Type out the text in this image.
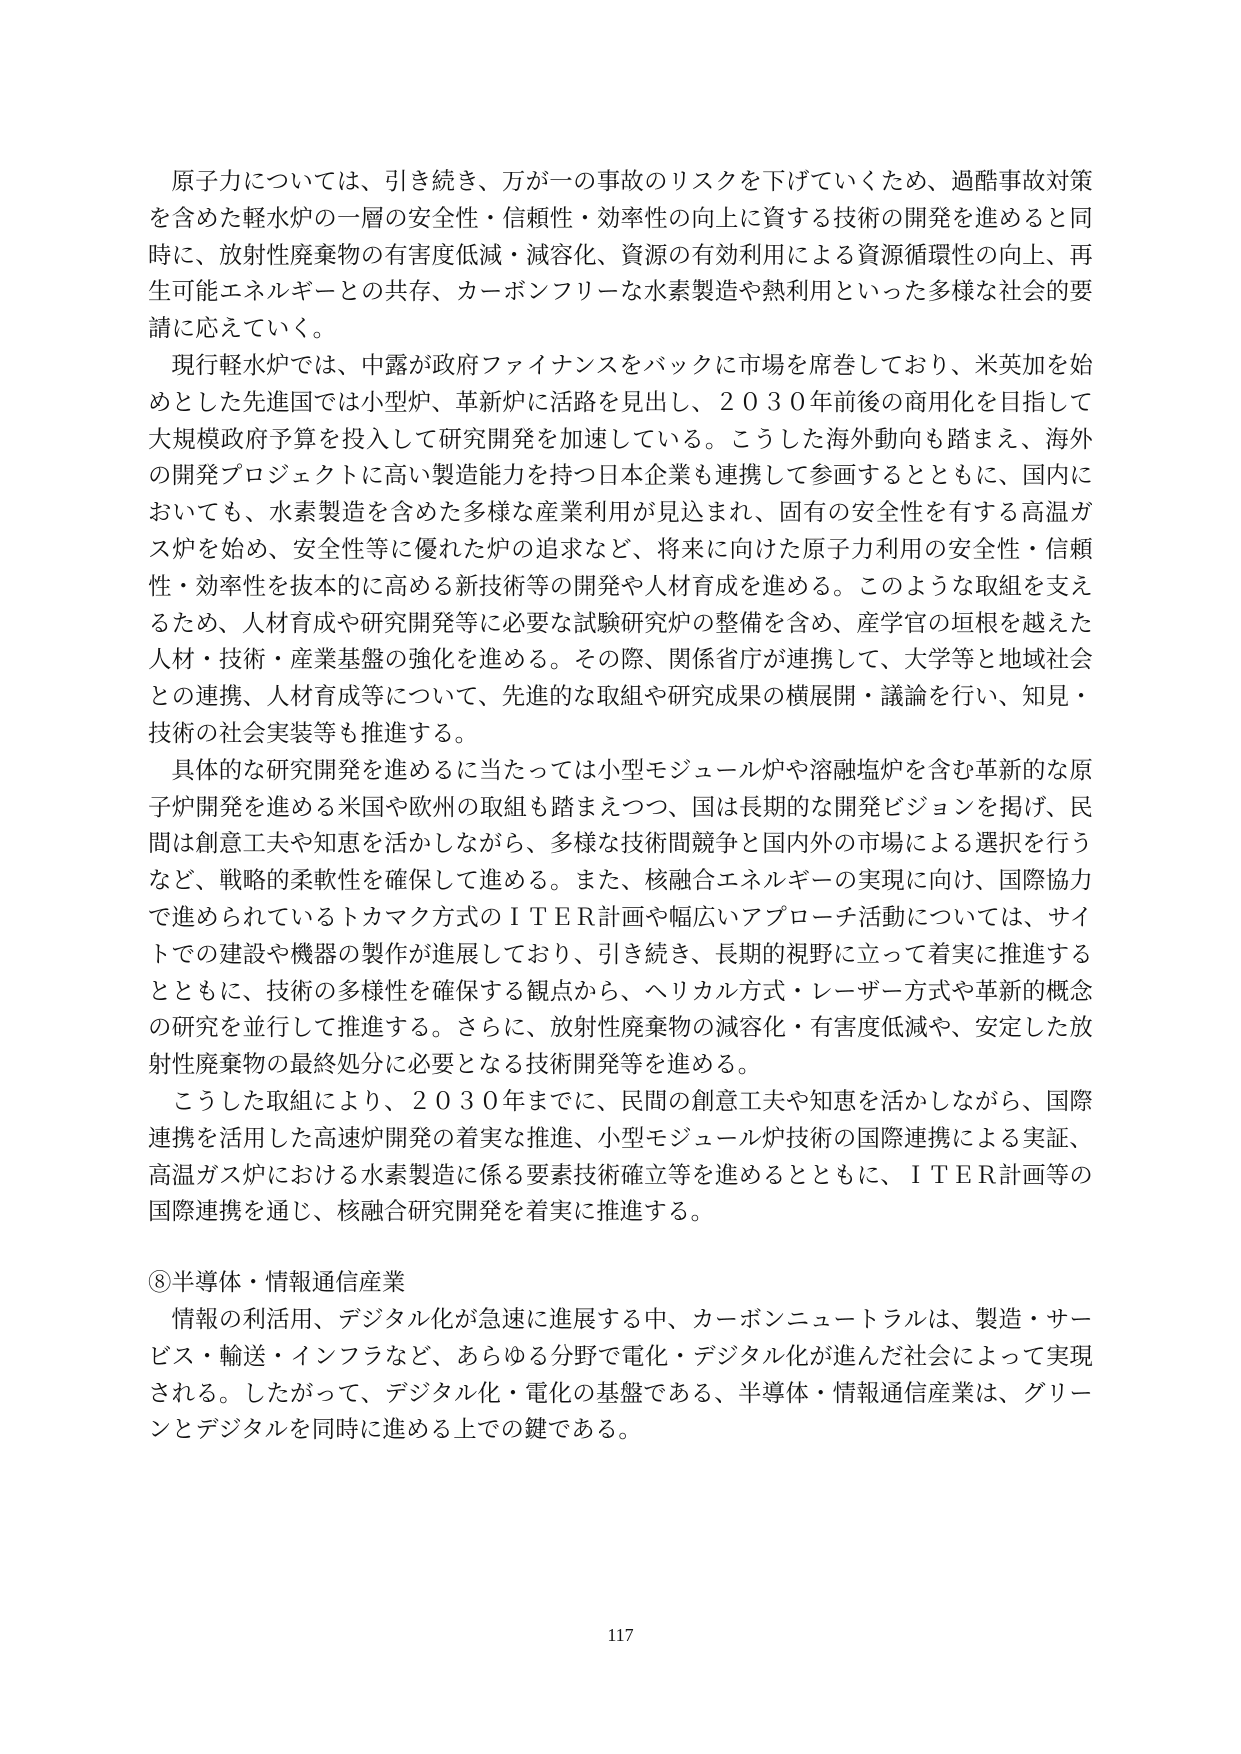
原子力については、引き続き、万が一の事故のリスクを下げていくため、過酷事故対策を含めた軽水炉の一層の安全性・信頼性・効率性の向上に資する技術の開発を進めると同時に、放射性廃棄物の有害度低減・減容化、資源の有効利用による資源循環性の向上、再生可能エネルギーとの共存、カーボンフリーな水素製造や熱利用といった多様な社会的要請に応えていく。

現行軽水炉では、中露が政府ファイナンスをバックに市場を席巻しており、米英加を始めとした先進国では小型炉、革新炉に活路を見出し、２０３０年前後の商用化を目指して大規模政府予算を投入して研究開発を加速している。こうした海外動向も踏まえ、海外の開発プロジェクトに高い製造能力を持つ日本企業も連携して参画するとともに、国内においても、水素製造を含めた多様な産業利用が見込まれ、固有の安全性を有する高温ガス炉を始め、安全性等に優れた炉の追求など、将来に向けた原子力利用の安全性・信頼性・効率性を抜本的に高める新技術等の開発や人材育成を進める。このような取組を支えるため、人材育成や研究開発等に必要な試験研究炉の整備を含め、産学官の垣根を越えた人材・技術・産業基盤の強化を進める。その際、関係省庁が連携して、大学等と地域社会との連携、人材育成等について、先進的な取組や研究成果の横展開・議論を行い、知見・技術の社会実装等も推進する。

具体的な研究開発を進めるに当たっては小型モジュール炉や溶融塩炉を含む革新的な原子炉開発を進める米国や欧州の取組も踏まえつつ、国は長期的な開発ビジョンを掲げ、民間は創意工夫や知恵を活かしながら、多様な技術間競争と国内外の市場による選択を行うなど、戦略的柔軟性を確保して進める。また、核融合エネルギーの実現に向け、国際協力で進められているトカマク方式のＩＴＥＲ計画や幅広いアプローチ活動については、サイトでの建設や機器の製作が進展しており、引き続き、長期的視野に立って着実に推進するとともに、技術の多様性を確保する観点から、ヘリカル方式・レーザー方式や革新的概念の研究を並行して推進する。さらに、放射性廃棄物の減容化・有害度低減や、安定した放射性廃棄物の最終処分に必要となる技術開発等を進める。

こうした取組により、２０３０年までに、民間の創意工夫や知恵を活かしながら、国際連携を活用した高速炉開発の着実な推進、小型モジュール炉技術の国際連携による実証、高温ガス炉における水素製造に係る要素技術確立等を進めるとともに、ＩＴＥＲ計画等の国際連携を通じ、核融合研究開発を着実に推進する。

⑧半導体・情報通信産業

情報の利活用、デジタル化が急速に進展する中、カーボンニュートラルは、製造・サービス・輸送・インフラなど、あらゆる分野で電化・デジタル化が進んだ社会によって実現される。したがって、デジタル化・電化の基盤である、半導体・情報通信産業は、グリーンとデジタルを同時に進める上での鍵である。

117
